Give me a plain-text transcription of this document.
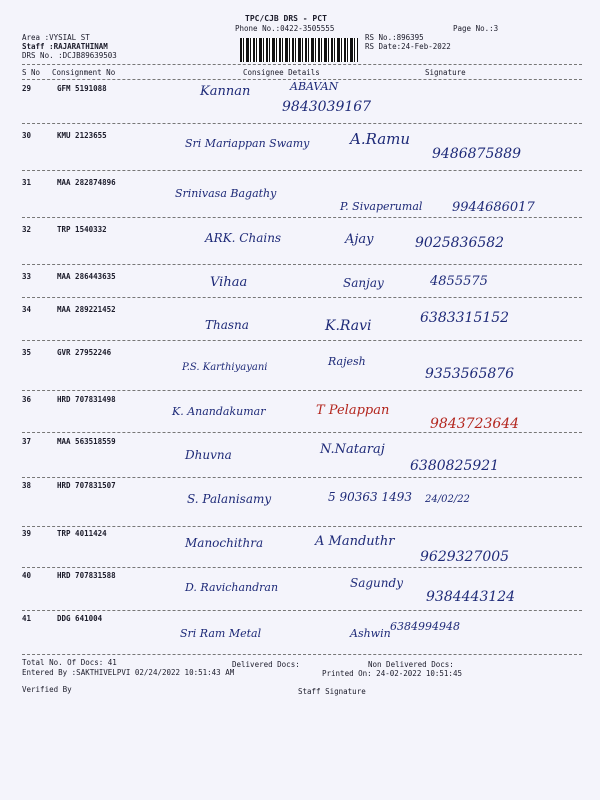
TPC/CJB DRS - PCT
Phone No.:0422-3505555	Page No.:3
Area :VYSIAL ST
Staff :RAJARATHINAM
DRS No. :DCJB89639503
RS No.:896395
RS Date:24-Feb-2022
S No Consignment No	Consignee Details	Signature
29	GFM 5191088	Kannan	ABAVAN
9843039167
30	KMU 2123655
Sri Mariappan Swamy	A.Ramu
9486875889
31	MAA 282874896
Srinivasa Bagathy
P. Sivaperumal 9944686017
32	TRP 1540332
ARK. Chains	Ajay	9025836582
33	MAA 286443635	Vihaa	Sanjay	4855575
34	MAA 289221452
Thasna	K.Ravi	6383315152
35	GVR 27952246
P.S. Karthiyayani	Rajesh
9353565876
36	HRD 707831498
K. Anandakumar	T Pelappan
9843723644
37	MAA 563518559
Dhuvna	N.Nataraj
6380825921
38	HRD 707831507
S. Palanisamy	5 90363 1493 24/02/22
39	TRP 4011424
Manochithra	A Manduthr
9629327005
40	HRD 707831588
D. Ravichandran	Sagundy
9384443124
41	DDG 641004
Sri Ram Metal	Ashwin
6384994948
Total No. Of Docs: 41	Delivered Docs:	Non Delivered Docs:
Entered By :SAKTHIVELPVI 02/24/2022 10:51:43 AM	Printed On: 24-02-2022 10:51:45
Verified By	Staff Signature
